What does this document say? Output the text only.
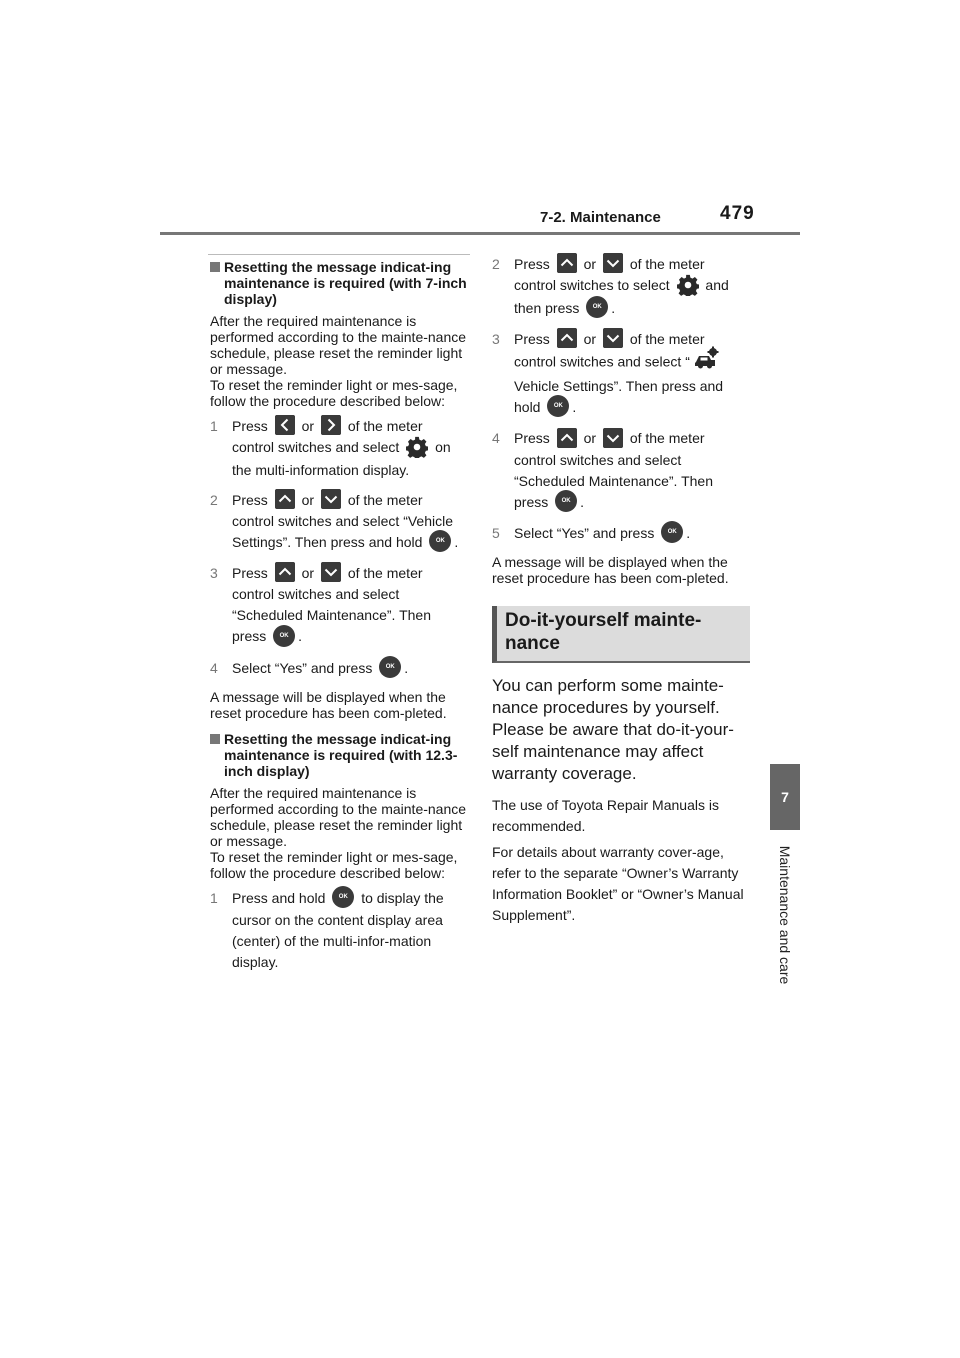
7-2. Maintenance	479
7
Maintenance and care
Resetting the message indicat-ing maintenance is required (with 7-inch display)
After the required maintenance is performed according to the mainte-nance schedule, please reset the reminder light or message.
To reset the reminder light or mes-sage, follow the procedure described below:
1 Press or of the meter control switches and select	on the multi-information display.
2 Press or of the meter control switches and select “Vehicle Settings”. Then press and hold OK .
3 Press or of the meter control switches and select “Scheduled Maintenance”. Then press OK .
4 Select “Yes” and press OK .
A message will be displayed when the reset procedure has been com-pleted.
Resetting the message indicat-ing maintenance is required (with 12.3-inch display)
After the required maintenance is performed according to the mainte-nance schedule, please reset the reminder light or message.
To reset the reminder light or mes-sage, follow the procedure described below:
1 Press and hold OK to display the cursor on the content display area (center) of the multi-infor-mation display.
2 Press or of the meter control switches to select	and then press OK .
3 Press or of the meter control switches and select “ Vehicle Settings”. Then press and hold OK .
4 Press or of the meter control switches and select “Scheduled Maintenance”. Then press OK .
5 Select “Yes” and press OK .
A message will be displayed when the reset procedure has been com-pleted.
Do-it-yourself mainte-nance
You can perform some mainte-nance procedures by yourself. Please be aware that do-it-your-self maintenance may affect warranty coverage.
The use of Toyota Repair Manuals is recommended.
For details about warranty cover-age, refer to the separate “Owner’s Warranty Information Booklet” or “Owner’s Manual Supplement”.
